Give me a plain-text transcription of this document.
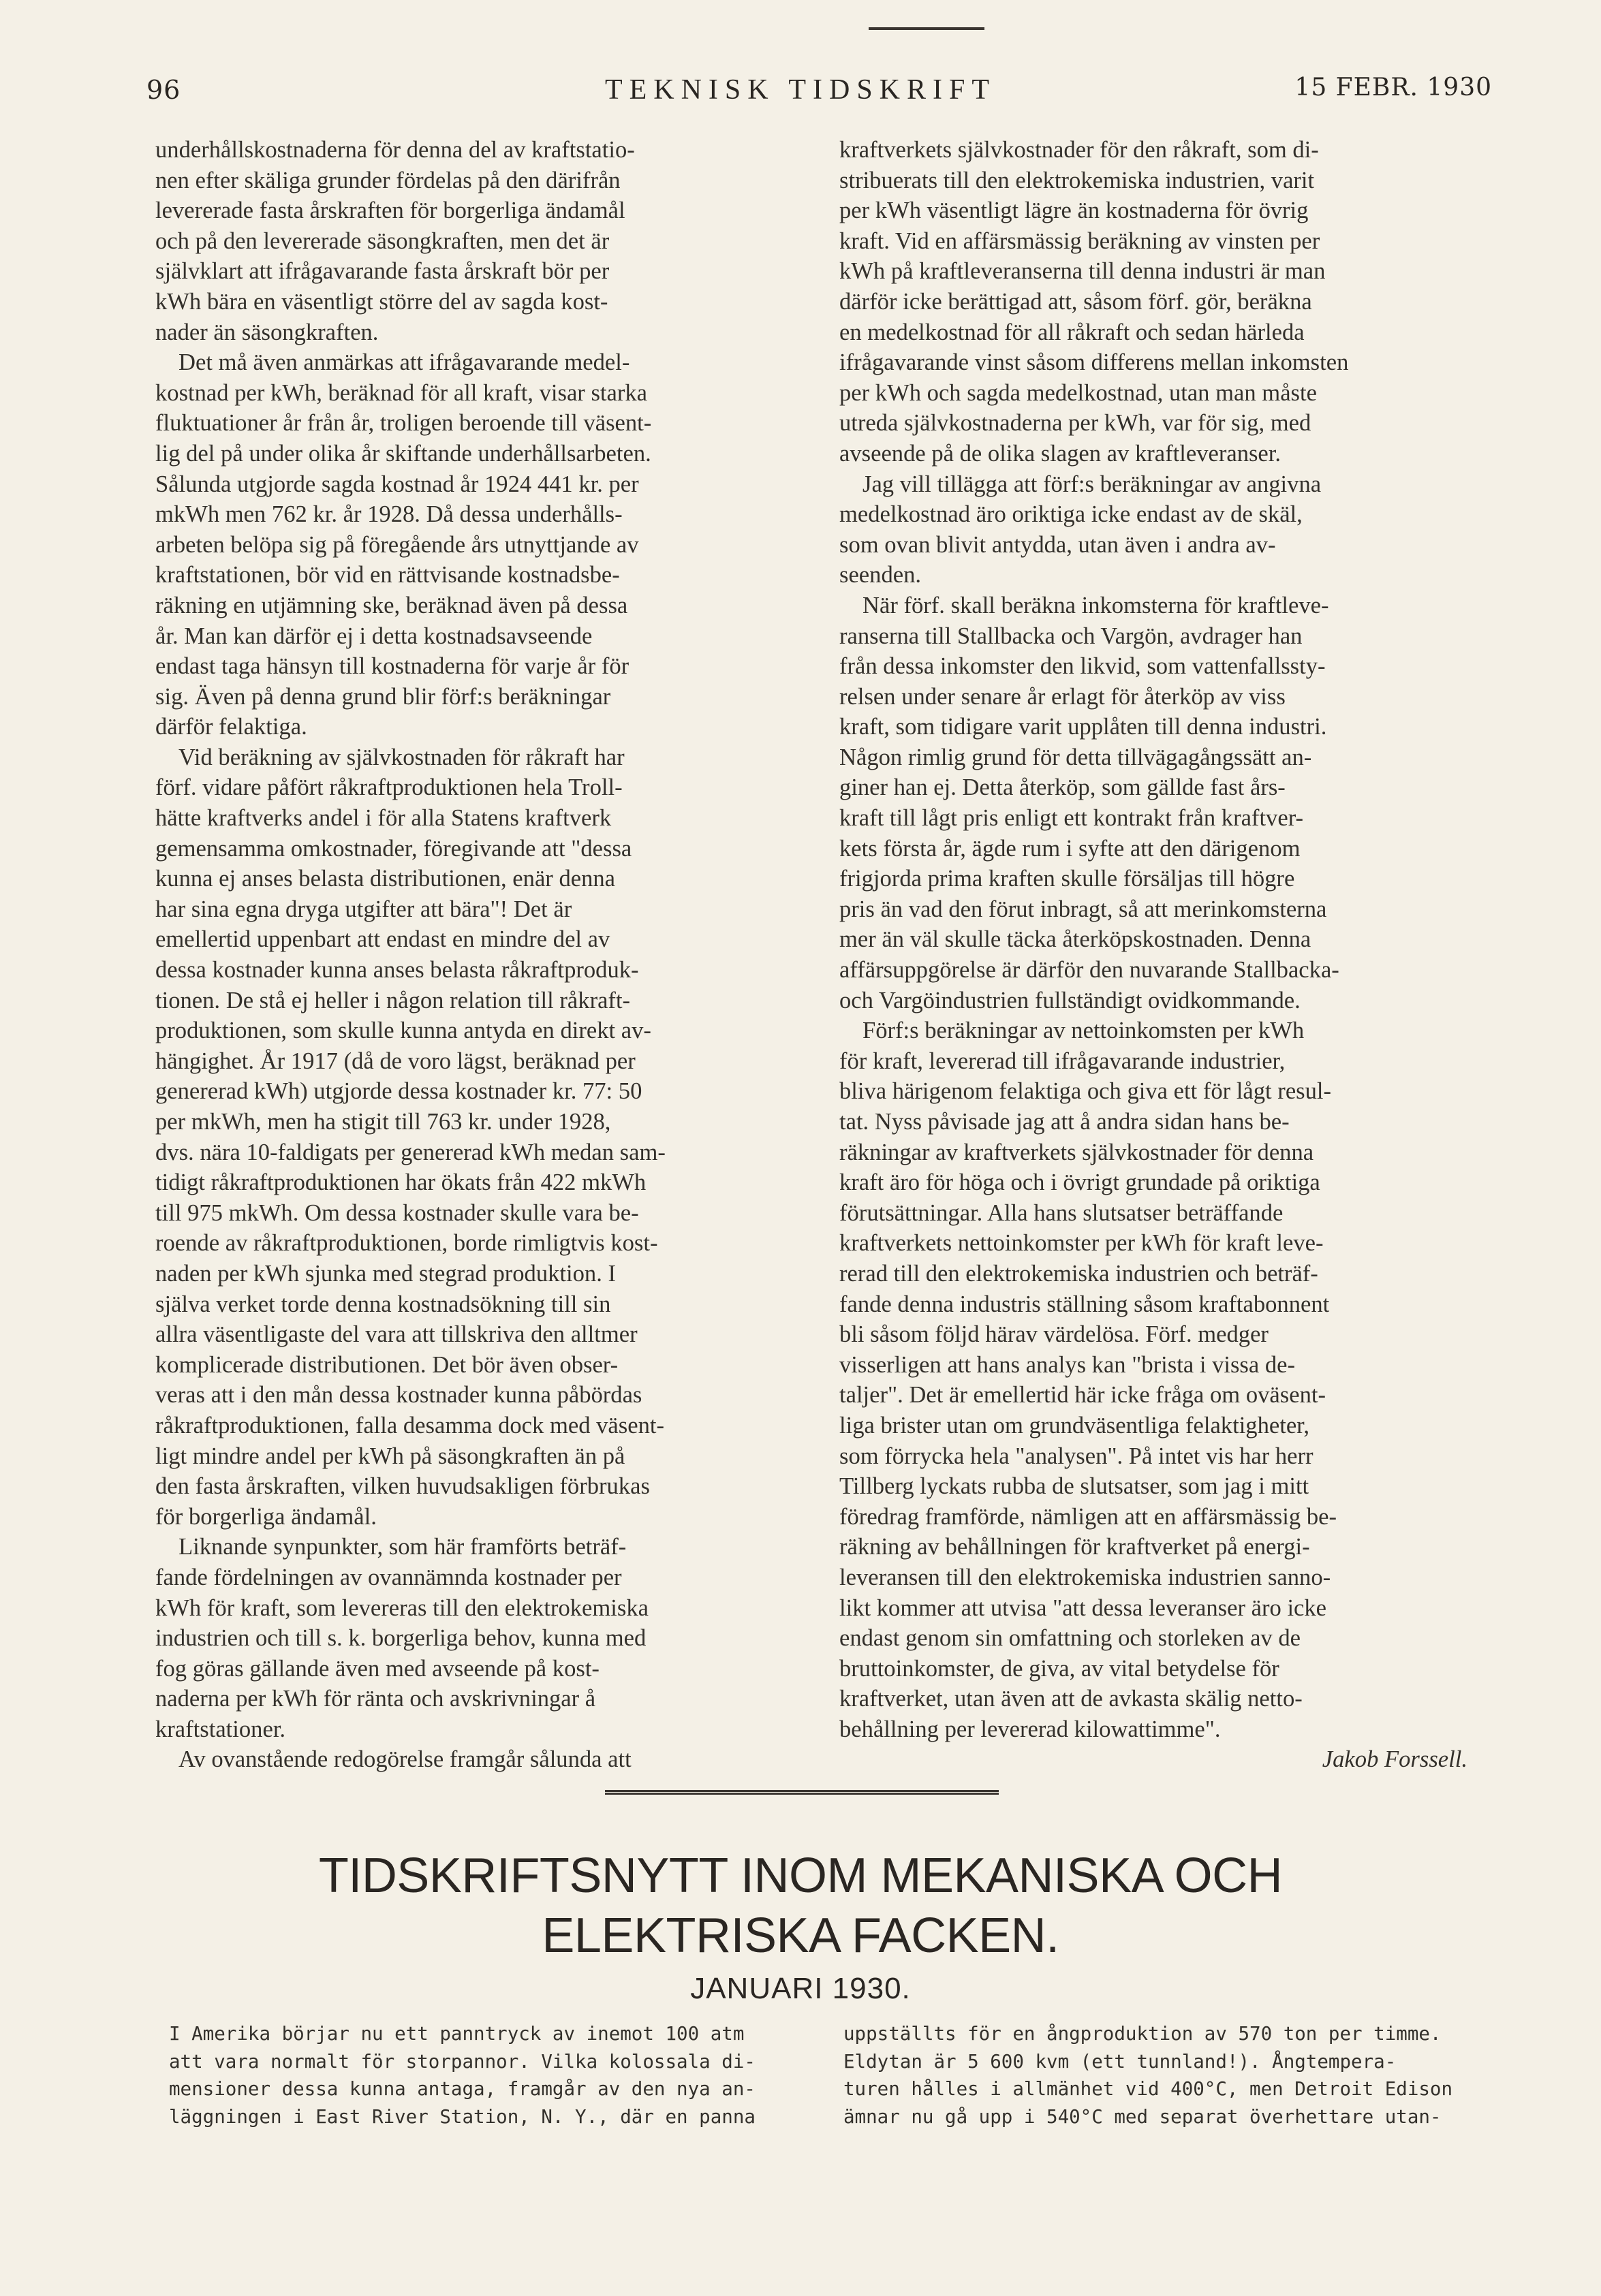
96	TEKNISK TIDSKRIFT	15 FEBR. 1930

underhållskostnaderna för denna del av kraftstatio-
nen efter skäliga grunder fördelas på den därifrån
levererade fasta årskraften för borgerliga ändamål
och på den levererade säsongkraften, men det är
självklart att ifrågavarande fasta årskraft bör per
kWh bära en väsentligt större del av sagda kost-
nader än säsongkraften.

Det må även anmärkas att ifrågavarande medel-
kostnad per kWh, beräknad för all kraft, visar starka
fluktuationer år från år, troligen beroende till väsent-
lig del på under olika år skiftande underhållsarbeten.
Sålunda utgjorde sagda kostnad år 1924 441 kr. per
mkWh men 762 kr. år 1928. Då dessa underhålls-
arbeten belöpa sig på föregående års utnyttjande av
kraftstationen, bör vid en rättvisande kostnadsbe-
räkning en utjämning ske, beräknad även på dessa
år. Man kan därför ej i detta kostnadsavseende
endast taga hänsyn till kostnaderna för varje år för
sig. Även på denna grund blir förf:s beräkningar
därför felaktiga.

Vid beräkning av självkostnaden för råkraft har
förf. vidare påfört råkraftproduktionen hela Troll-
hätte kraftverks andel i för alla Statens kraftverk
gemensamma omkostnader, föregivande att "dessa
kunna ej anses belasta distributionen, enär denna
har sina egna dryga utgifter att bära"! Det är
emellertid uppenbart att endast en mindre del av
dessa kostnader kunna anses belasta råkraftproduk-
tionen. De stå ej heller i någon relation till råkraft-
produktionen, som skulle kunna antyda en direkt av-
hängighet. År 1917 (då de voro lägst, beräknad per
genererad kWh) utgjorde dessa kostnader kr. 77: 50
per mkWh, men ha stigit till 763 kr. under 1928,
dvs. nära 10-faldigats per genererad kWh medan sam-
tidigt råkraftproduktionen har ökats från 422 mkWh
till 975 mkWh. Om dessa kostnader skulle vara be-
roende av råkraftproduktionen, borde rimligtvis kost-
naden per kWh sjunka med stegrad produktion. I
själva verket torde denna kostnadsökning till sin
allra väsentligaste del vara att tillskriva den alltmer
komplicerade distributionen. Det bör även obser-
veras att i den mån dessa kostnader kunna påbördas
råkraftproduktionen, falla desamma dock med väsent-
ligt mindre andel per kWh på säsongkraften än på
den fasta årskraften, vilken huvudsakligen förbrukas
för borgerliga ändamål.

Liknande synpunkter, som här framförts beträf-
fande fördelningen av ovannämnda kostnader per
kWh för kraft, som levereras till den elektrokemiska
industrien och till s. k. borgerliga behov, kunna med
fog göras gällande även med avseende på kost-
naderna per kWh för ränta och avskrivningar å
kraftstationer.

Av ovanstående redogörelse framgår sålunda att

kraftverkets självkostnader för den råkraft, som di-
stribuerats till den elektrokemiska industrien, varit
per kWh väsentligt lägre än kostnaderna för övrig
kraft. Vid en affärsmässig beräkning av vinsten per
kWh på kraftleveranserna till denna industri är man
därför icke berättigad att, såsom förf. gör, beräkna
en medelkostnad för all råkraft och sedan härleda
ifrågavarande vinst såsom differens mellan inkomsten
per kWh och sagda medelkostnad, utan man måste
utreda självkostnaderna per kWh, var för sig, med
avseende på de olika slagen av kraftleveranser.

Jag vill tillägga att förf:s beräkningar av angivna
medelkostnad äro oriktiga icke endast av de skäl,
som ovan blivit antydda, utan även i andra av-
seenden.

När förf. skall beräkna inkomsterna för kraftleve-
ranserna till Stallbacka och Vargön, avdrager han
från dessa inkomster den likvid, som vattenfallssty-
relsen under senare år erlagt för återköp av viss
kraft, som tidigare varit upplåten till denna industri.
Någon rimlig grund för detta tillvägagångssätt an-
giner han ej. Detta återköp, som gällde fast års-
kraft till lågt pris enligt ett kontrakt från kraftver-
kets första år, ägde rum i syfte att den därigenom
frigjorda prima kraften skulle försäljas till högre
pris än vad den förut inbragt, så att merinkomsterna
mer än väl skulle täcka återköpskostnaden. Denna
affärsuppgörelse är därför den nuvarande Stallbacka-
och Vargöindustrien fullständigt ovidkommande.

Förf:s beräkningar av nettoinkomsten per kWh
för kraft, levererad till ifrågavarande industrier,
bliva härigenom felaktiga och giva ett för lågt resul-
tat. Nyss påvisade jag att å andra sidan hans be-
räkningar av kraftverkets självkostnader för denna
kraft äro för höga och i övrigt grundade på oriktiga
förutsättningar. Alla hans slutsatser beträffande
kraftverkets nettoinkomster per kWh för kraft leve-
rerad till den elektrokemiska industrien och beträf-
fande denna industris ställning såsom kraftabonnent
bli såsom följd härav värdelösa. Förf. medger
visserligen att hans analys kan "brista i vissa de-
taljer". Det är emellertid här icke fråga om oväsent-
liga brister utan om grundväsentliga felaktigheter,
som förrycka hela "analysen". På intet vis har herr
Tillberg lyckats rubba de slutsatser, som jag i mitt
föredrag framförde, nämligen att en affärsmässig be-
räkning av behållningen för kraftverket på energi-
leveransen till den elektrokemiska industrien sanno-
likt kommer att utvisa "att dessa leveranser äro icke
endast genom sin omfattning och storleken av de
bruttoinkomster, de giva, av vital betydelse för
kraftverket, utan även att de avkasta skälig netto-
behållning per levererad kilowattimme".

Jakob Forssell.

TIDSKRIFTSNYTT INOM MEKANISKA OCH
ELEKTRISKA FACKEN.
JANUARI 1930.

I Amerika börjar nu ett panntryck av inemot 100 atm
att vara normalt för storpannor. Vilka kolossala di-
mensioner dessa kunna antaga, framgår av den nya an-
läggningen i East River Station, N. Y., där en panna

uppställts för en ångproduktion av 570 ton per timme.
Eldytan är 5 600 kvm (ett tunnland!). Ångtempera-
turen hålles i allmänhet vid 400°C, men Detroit Edison
ämnar nu gå upp i 540°C med separat överhettare utan-
